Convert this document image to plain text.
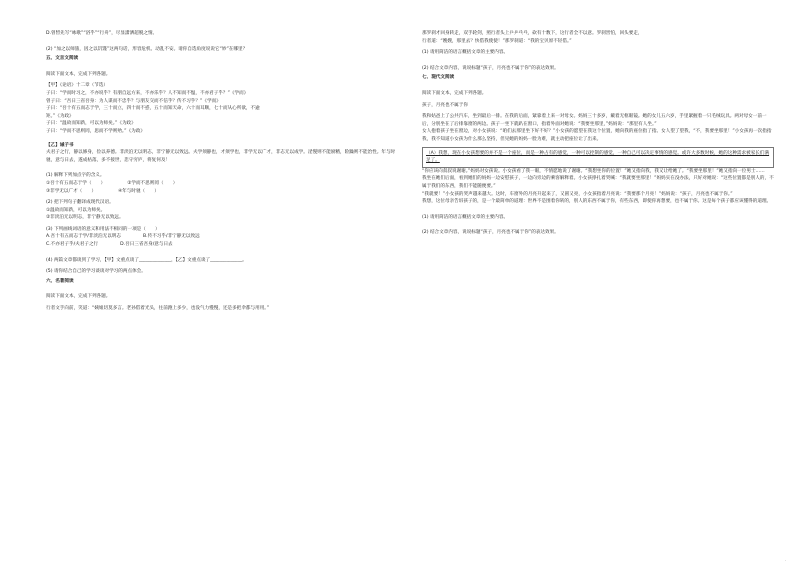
D.曾晳先写“咏歌”“浴乎”“行舟”，尽显潇洒超脱之情。

(2) “加之以师旅，因之以饥馑”这两句话，形容危机、动乱不安。请你自选角度说说它“妙”在哪里？

五、文言文阅读

阅读下面文本，完成下列各题。

【甲】《论语》十二章（节选）

子曰：“学而时习之，不亦说乎？有朋自远方来，不亦乐乎？人不知而不愠，不亦君子乎？”《学而》

曾子曰：“吾日三省吾身：为人谋而不忠乎？与朋友交而不信乎？传不习乎？”《学而》

子曰：“吾十有五而志于学，三十而立，四十而不惑，五十而知天命，六十而耳顺，七十而从心所欲，不逾

矩。”《为政》

子曰：“温故而知新，可以为师矣。”《为政》

子曰：“学而不思则罔，思而不学则殆。”《为政》

【乙】诫子书

夫君子之行，静以修身，俭以养德。非淡泊无以明志，非宁静无以致远。夫学须静也，才须学也，非学无以广才，非志无以成学。淫慢则不能励精，险躁则不能治性。年与时驰，意与日去，遂成枯落，多不接世，悲守穷庐，将复何及！

(1) 解释下列加点字的含义。

①吾十有五而志于学（　　）	②学而不思则罔（　　）
③非学无以广才（　　）	④年与时驰（　　）

(2) 把下列句子翻译成现代汉语。

①温故而知新，可以为师矣。

②非淡泊无以明志，非宁静无以致远。

(3) 下列画线词语的意义和用法不相同的一项是（　　）

A.吾十有五而志于学/非淡泊无以明志	B.传不习乎/非宁静无以致远
C.不亦君子乎/夫君子之行	D.吾日三省吾身/意与日去

(4) 两篇文章都谈到了学习，【甲】文重点谈了______________，【乙】文重点谈了______________。

(5) 请你结合自己的学习谈谈对学习的两点体会。

六、名著阅读

阅读下面文本，完成下列各题。

行者文手向前，笑道：“姨娘切莫多言。老孙借着光头，往前跑上多少，也没气力慢慢，还是多把伞都与用用。”

那罗刹才回身转走，双手轮剑，照行者头上乒乒乓乓，砍有十数下，这行者全不以意。罗刹害怕，回头要走，

行者道：“嫂嫂，那里去？快借我使使！”那罗刹道：“我的宝贝原不轻借。”

(1) 请用简洁的语言概括文章的主要内容。

(2) 结合文章内容，说说标题“孩子，月亮也不属于你”的表达效果。

七、现代文阅读

阅读下面文本，完成下列各题。

孩子，月亮也不属于你

我和姑爸上了公共汽车，坐到最后一排。在我的后面，紧靠着上来一对母女。妈妈三十多岁，戴着无框眼镜。她的女儿五六岁，手里紧握着一只毛绒玩具。两对母女一前一后，分别坐在了后排靠窗的两边。孩子一坐下就趴在窗口，指着外面对她说：“我要坐那里，”妈妈说：“那里有人坐。”

女人抱着孩子坐在窗边，对小女孩说：“咱们去那里坐下好不好？”小女孩的愿望在我这个位置，她向我的座位指了指。女人望了望我，“不，我要坐那里！”小女孩再一次指指我，我不知道小女孩为什么那么坚持，但见她的妈妈一脸为难，就主动把座位让了出来。

（A）我想，现在小女孩想要的并不是一个座位，而是一种占有的感觉，一种可以控制的感觉，一种自己可以决定事情的感觉。或许大多数时候，她的这种需求被家长们满足了。

“你应该向叔叔说谢谢。”妈妈对女孩说。小女孩看了我一眼，不情愿地说了谢谢。“我想坐你的位置！”她又指向我，我又让给她了。“我要坐那里！”她又指向一位男士……

我坐在她们后面，看到她们的妈妈一边安慰孩子，一边向旁边的乘客解释着。小女孩挣扎着哭喊：“我就要坐那里！”妈妈实在没办法，只好对她说：“这些位置都是别人的，不属于我们的东西，我们不能随便要。”

“我就要！”小女孩的哭声越来越大。这时，车窗外的月亮升起来了，又圆又亮，小女孩指着月亮说：“我要那个月亮！”妈妈说：“孩子，月亮也不属于你。”

我想，这位母亲告诉孩子的，是一个最简单的道理：世界不是围着你转的，别人的东西不属于你，有些东西，即使你再想要，也不属于你。这是每个孩子都应该懂得的道理。

(1) 请用简洁的语言概括文章的主要内容。

(2) 结合文章内容，说说标题“孩子，月亮也不属于你”的表达效果。

·
